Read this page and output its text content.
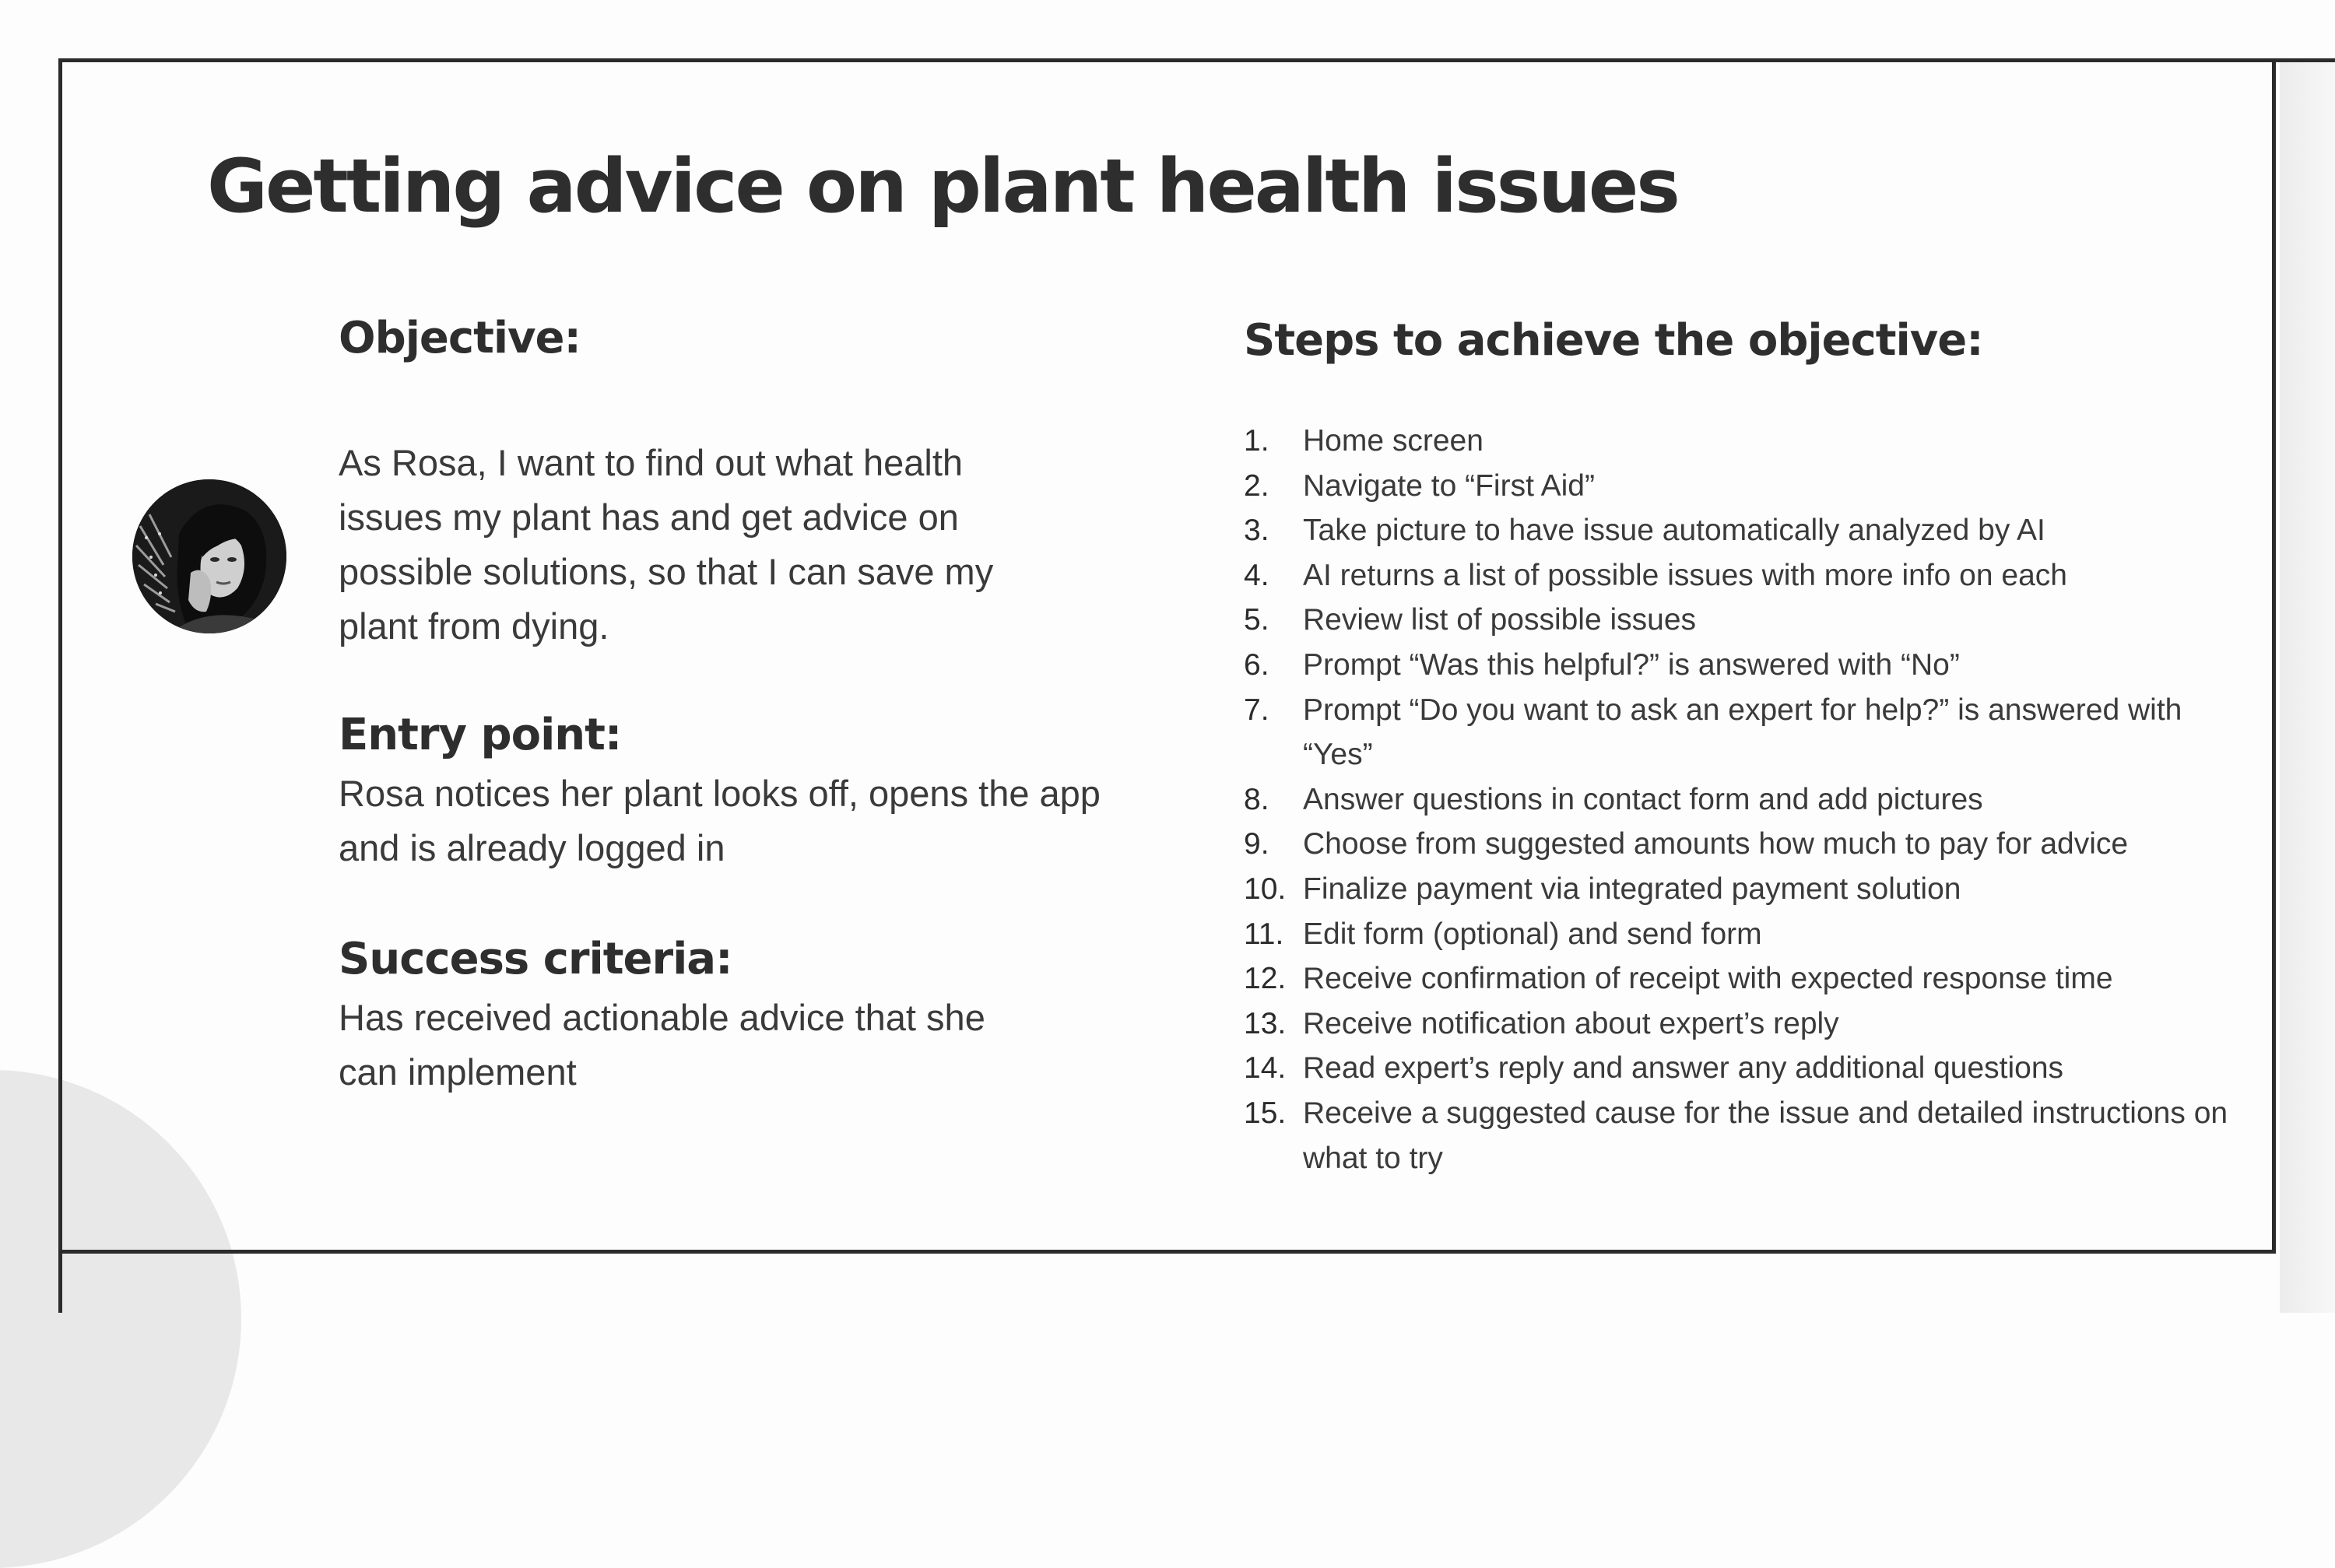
Getting advice on plant health issues
Objective:

As Rosa, I want to find out what health issues my plant has and get advice on possible solutions, so that I can save my plant from dying.

Entry point:

Rosa notices her plant looks off, opens the app and is already logged in

Success criteria:

Has received actionable advice that she can implement

Steps to achieve the objective:
1.	Home screen
2.	Navigate to “First Aid”
3.	Take picture to have issue automatically analyzed by AI
4.	AI returns a list of possible issues with more info on each
5.	Review list of possible issues
6.	Prompt “Was this helpful?” is answered with “No”
7.	Prompt “Do you want to ask an expert for help?” is answered with “Yes”
8.	Answer questions in contact form and add pictures
9.	Choose from suggested amounts how much to pay for advice
10. Finalize payment via integrated payment solution
11. Edit form (optional) and send form
12. Receive confirmation of receipt with expected response time
13. Receive notification about expert’s reply
14. Read expert’s reply and answer any additional questions
15. Receive a suggested cause for the issue and detailed instructions on what to try
